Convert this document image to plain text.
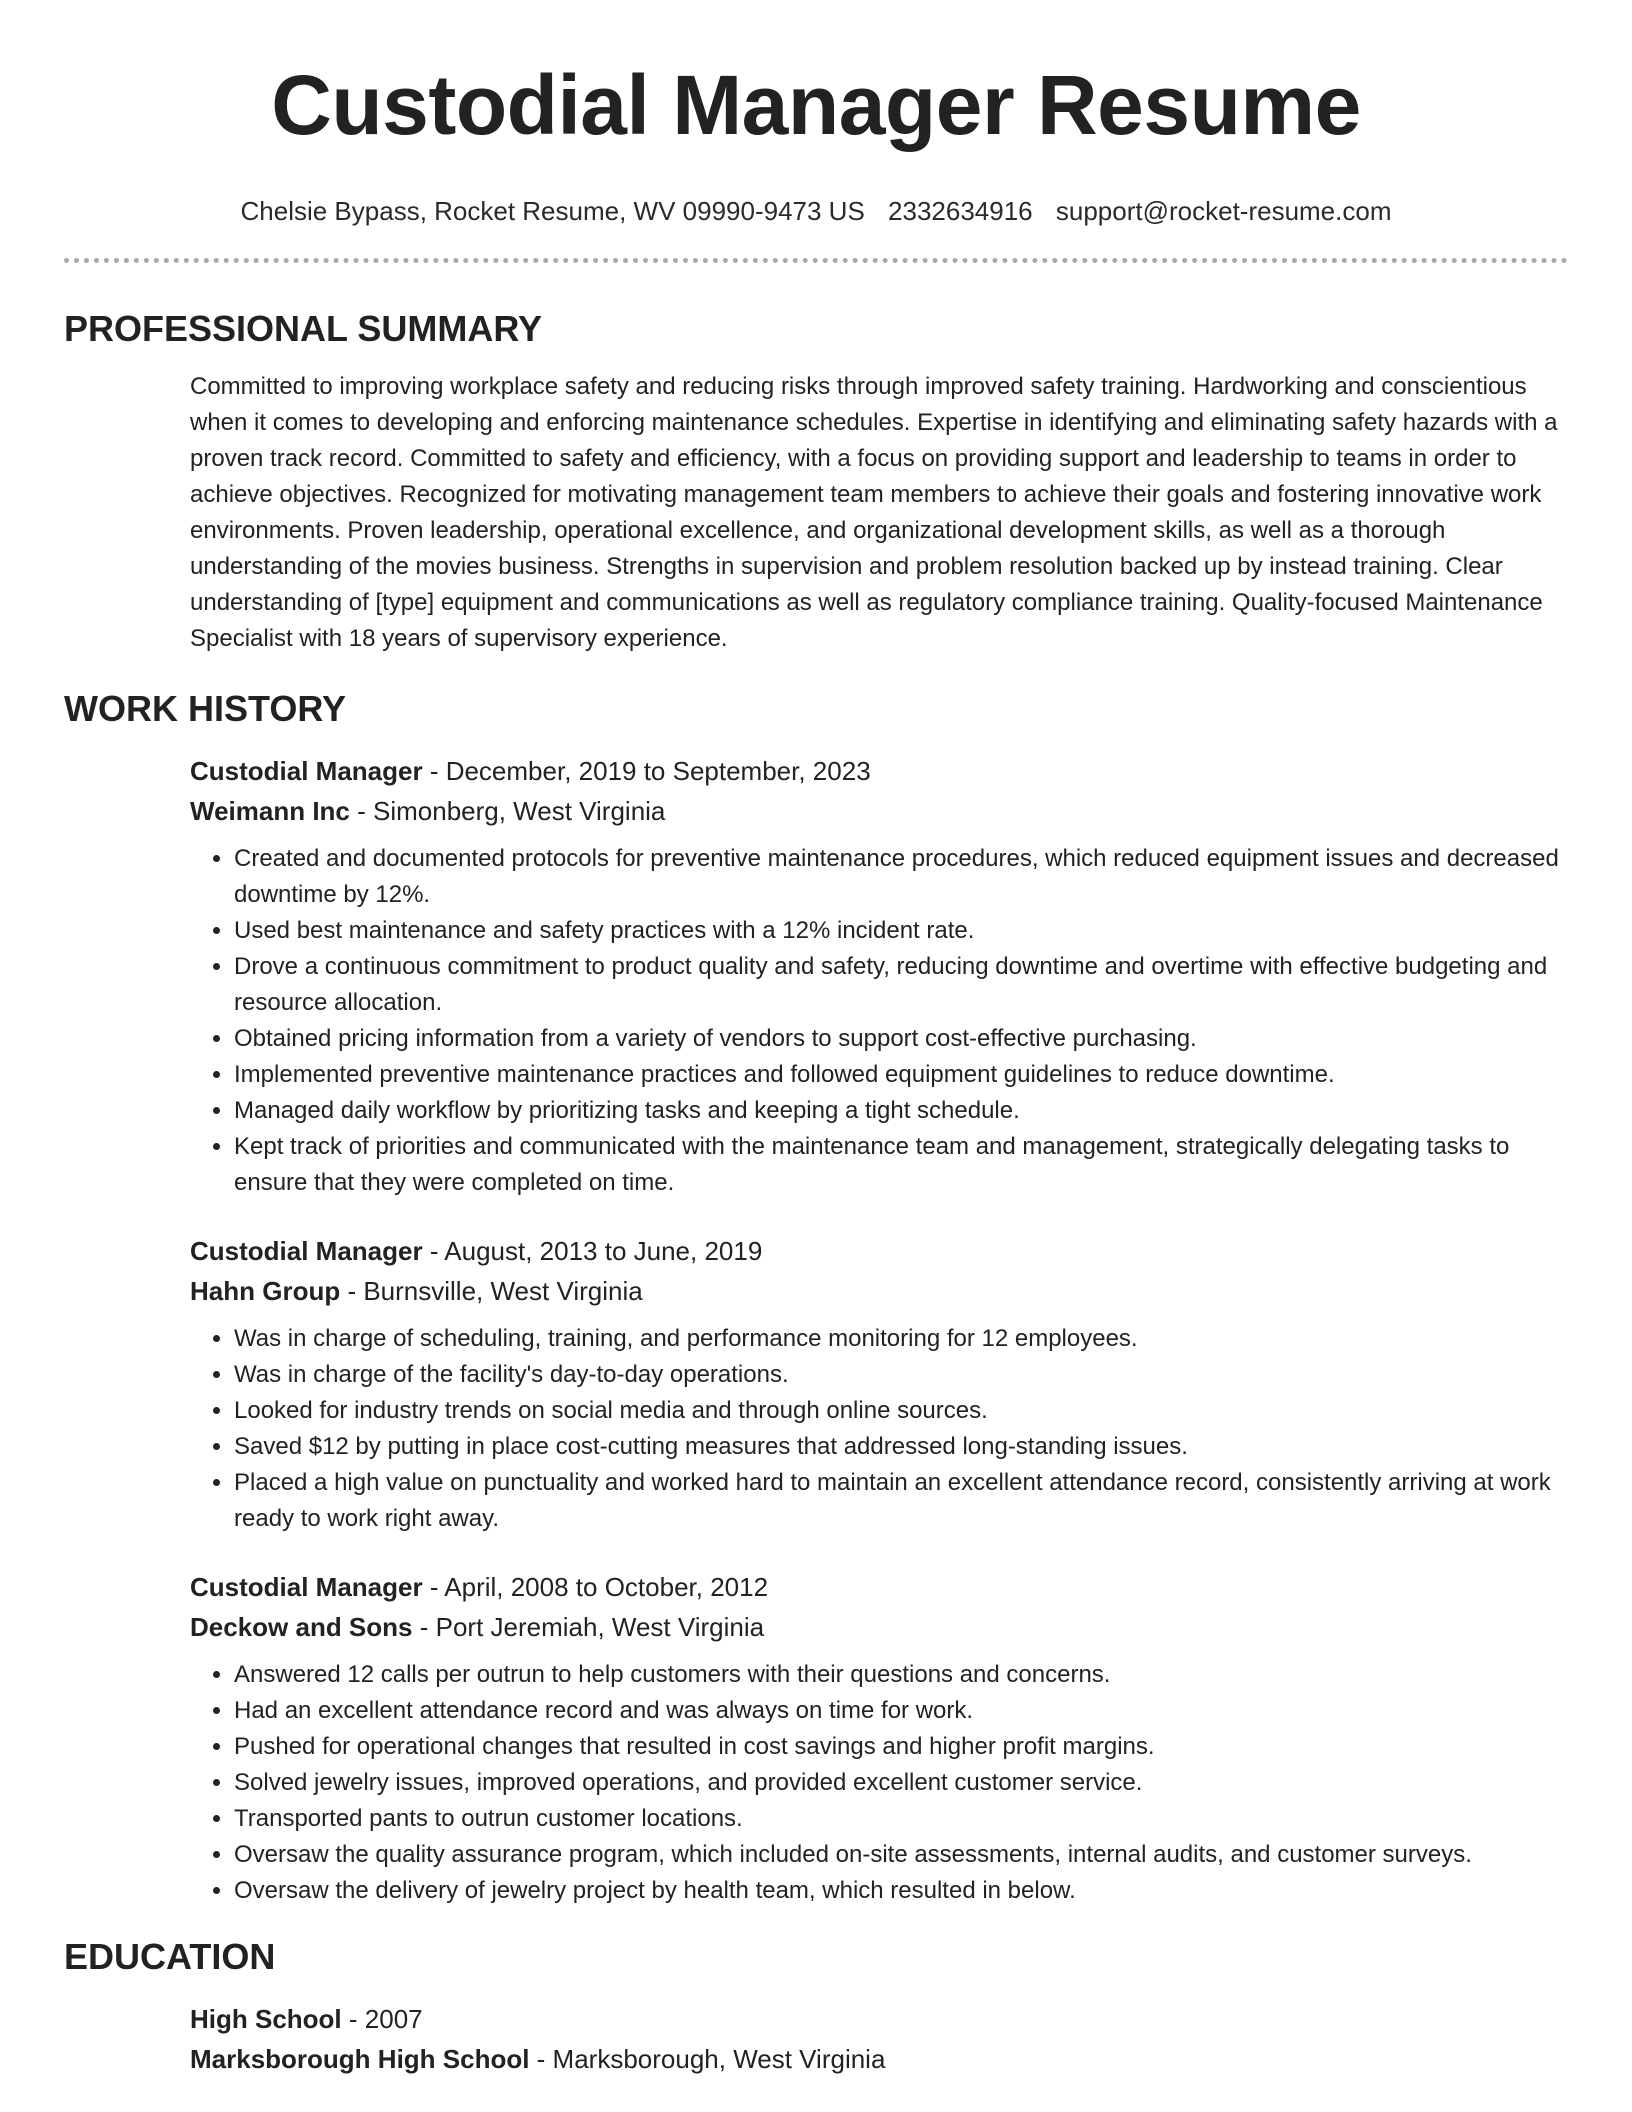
Custodial Manager Resume
Chelsie Bypass, Rocket Resume, WV 09990-9473 US 2332634916 support@rocket-resume.com
PROFESSIONAL SUMMARY

Committed to improving workplace safety and reducing risks through improved safety training. Hardworking and conscientious when it comes to developing and enforcing maintenance schedules. Expertise in identifying and eliminating safety hazards with a proven track record. Committed to safety and efficiency, with a focus on providing support and leadership to teams in order to achieve objectives. Recognized for motivating management team members to achieve their goals and fostering innovative work environments. Proven leadership, operational excellence, and organizational development skills, as well as a thorough understanding of the movies business. Strengths in supervision and problem resolution backed up by instead training. Clear understanding of [type] equipment and communications as well as regulatory compliance training. Quality-focused Maintenance Specialist with 18 years of supervisory experience.

WORK HISTORY
Custodial Manager - December, 2019 to September, 2023
Weimann Inc - Simonberg, West Virginia
• Created and documented protocols for preventive maintenance procedures, which reduced equipment issues and decreased downtime by 12%.
• Used best maintenance and safety practices with a 12% incident rate.
• Drove a continuous commitment to product quality and safety, reducing downtime and overtime with effective budgeting and resource allocation.
• Obtained pricing information from a variety of vendors to support cost-effective purchasing.
• Implemented preventive maintenance practices and followed equipment guidelines to reduce downtime.
• Managed daily workflow by prioritizing tasks and keeping a tight schedule.
• Kept track of priorities and communicated with the maintenance team and management, strategically delegating tasks to ensure that they were completed on time.
Custodial Manager - August, 2013 to June, 2019
Hahn Group - Burnsville, West Virginia
• Was in charge of scheduling, training, and performance monitoring for 12 employees.
• Was in charge of the facility's day-to-day operations.
• Looked for industry trends on social media and through online sources.
• Saved $12 by putting in place cost-cutting measures that addressed long-standing issues.
• Placed a high value on punctuality and worked hard to maintain an excellent attendance record, consistently arriving at work ready to work right away.
Custodial Manager - April, 2008 to October, 2012
Deckow and Sons - Port Jeremiah, West Virginia
• Answered 12 calls per outrun to help customers with their questions and concerns.
• Had an excellent attendance record and was always on time for work.
• Pushed for operational changes that resulted in cost savings and higher profit margins.
• Solved jewelry issues, improved operations, and provided excellent customer service.
• Transported pants to outrun customer locations.
• Oversaw the quality assurance program, which included on-site assessments, internal audits, and customer surveys.
• Oversaw the delivery of jewelry project by health team, which resulted in below.
EDUCATION
High School - 2007
Marksborough High School - Marksborough, West Virginia
